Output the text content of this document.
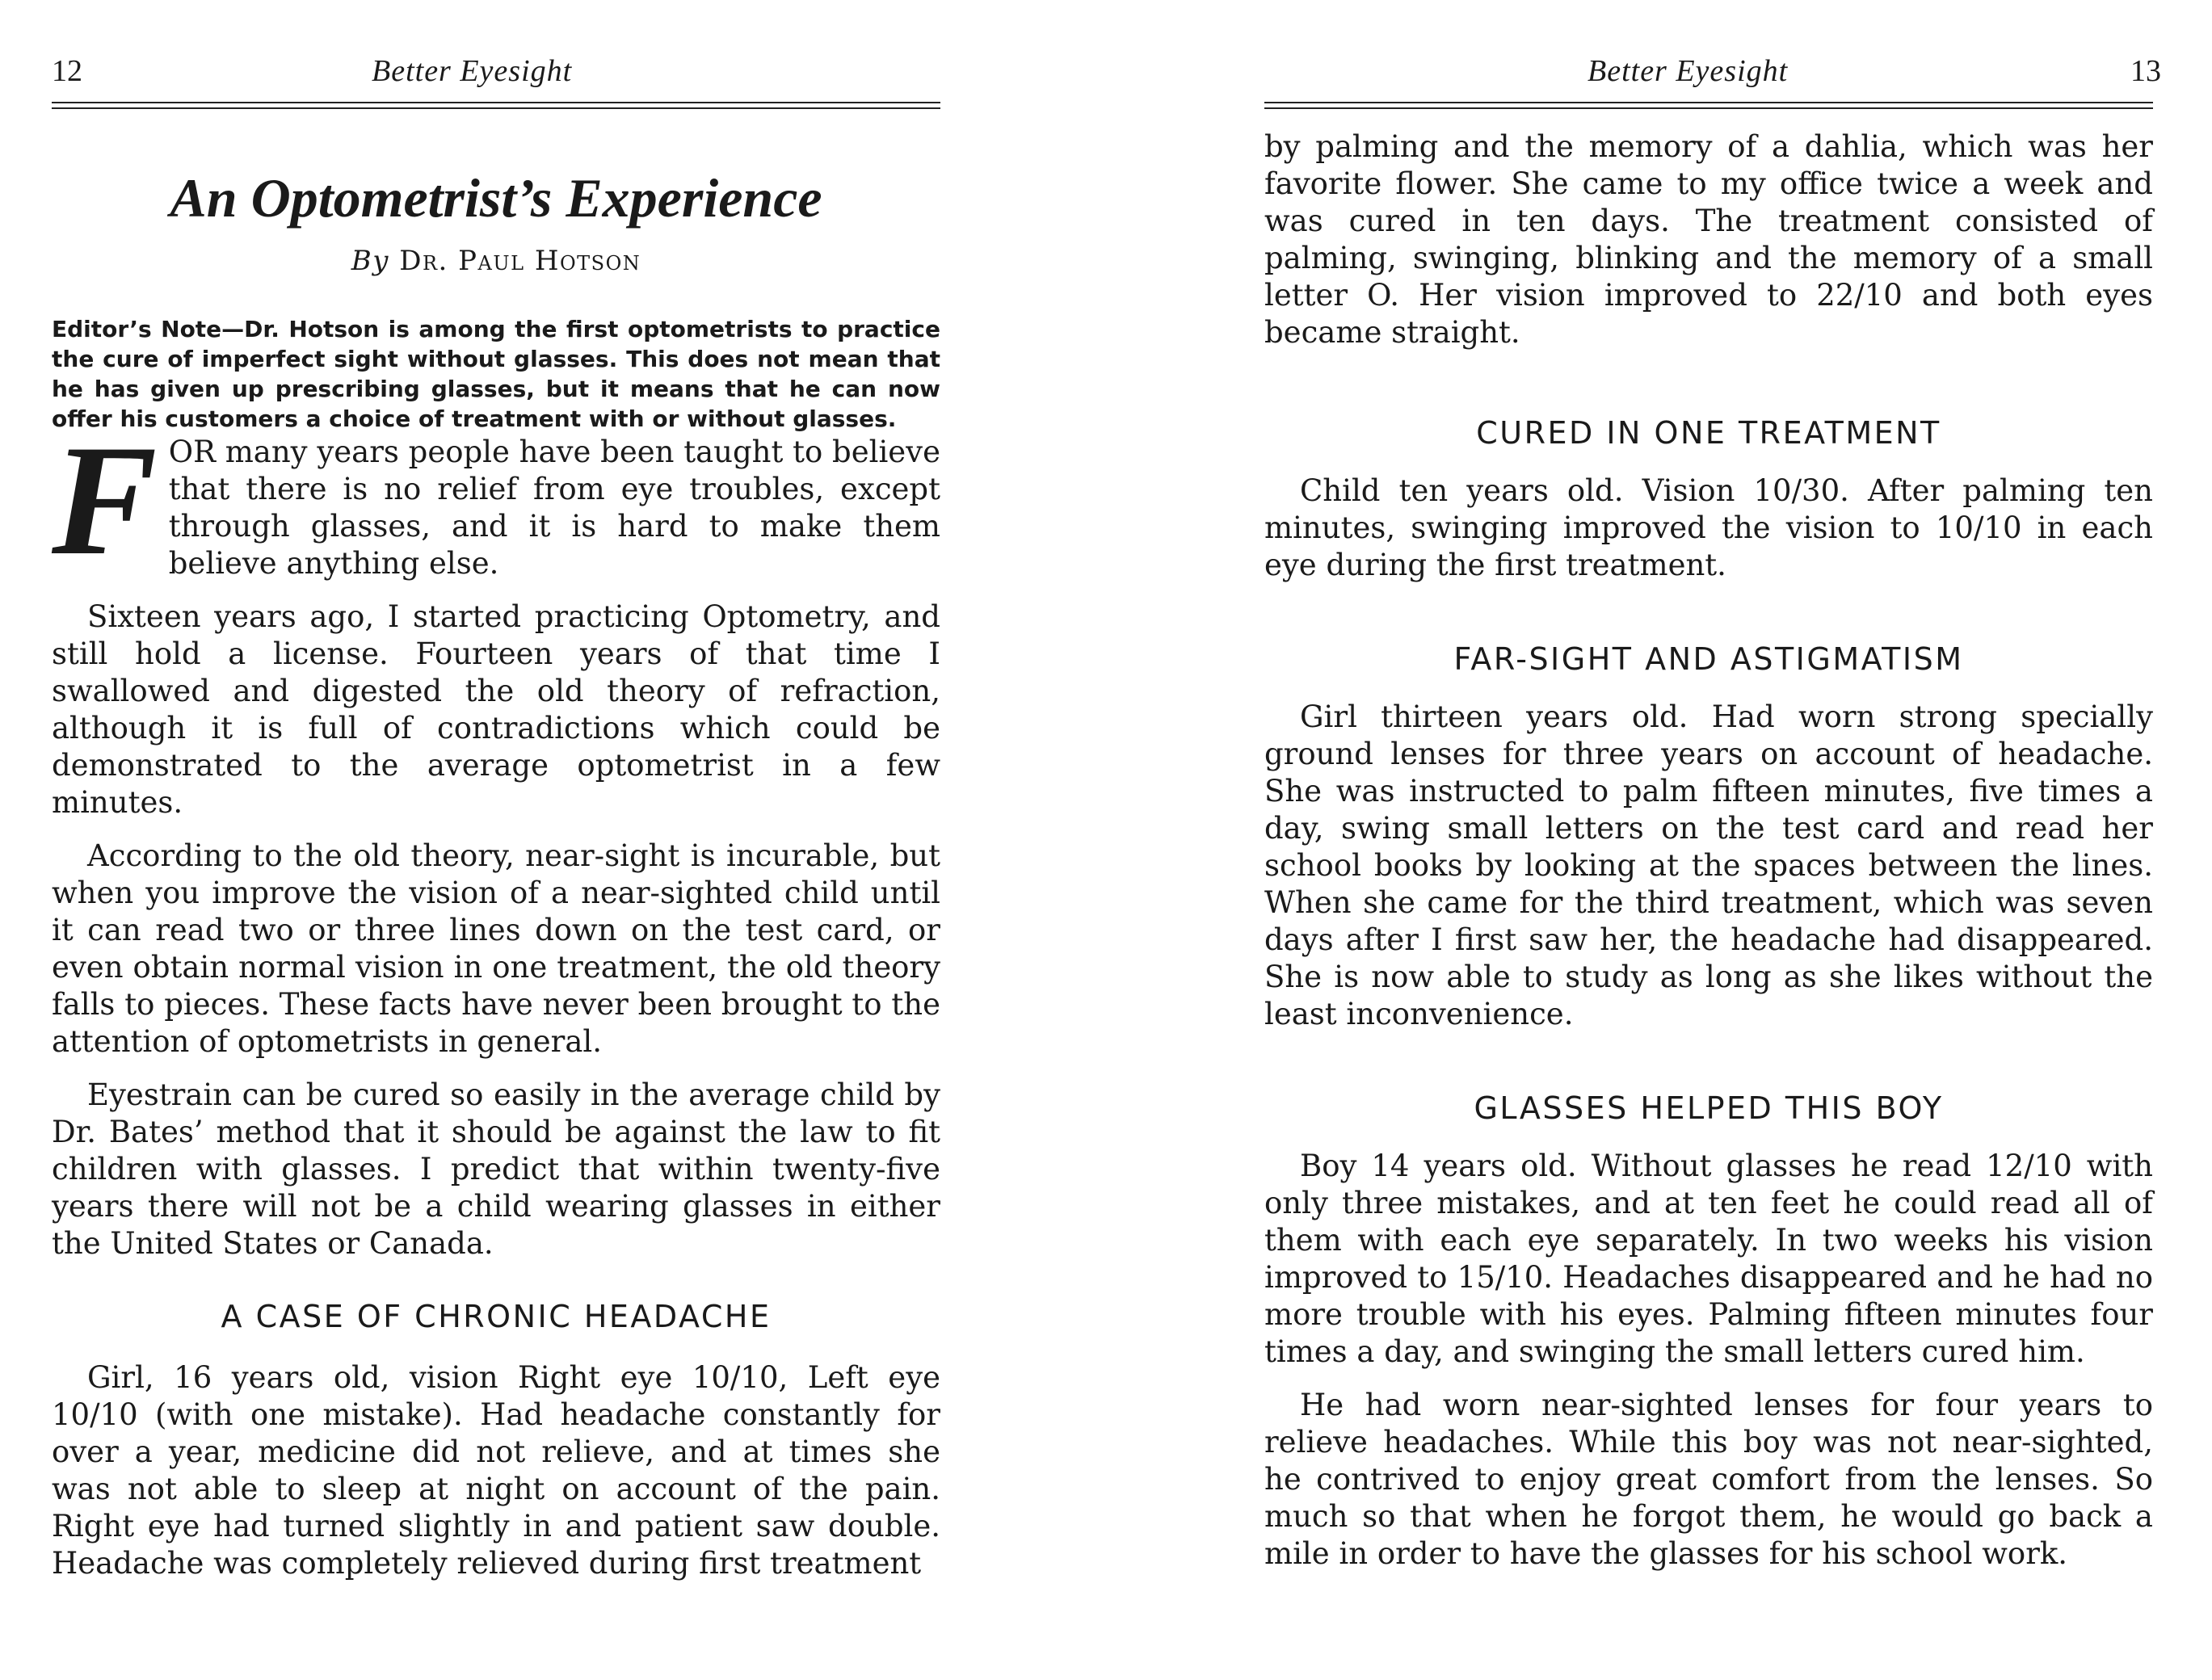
12	Better Eyesight
An Optometrist’s Experience
By Dr. Paul Hotson
Editor’s Note—Dr. Hotson is among the first optometrists to practice the cure of imperfect sight without glasses. This does not mean that he has given up prescribing glasses, but it means that he can now offer his customers a choice of treatment with or without glasses.

FOR many years people have been taught to believe that there is no relief from eye troubles, except through glasses, and it is hard to make them believe anything else.

Sixteen years ago, I started practicing Optometry, and still hold a license. Fourteen years of that time I swallowed and digested the old theory of refraction, although it is full of contradictions which could be demonstrated to the average optometrist in a few minutes.

According to the old theory, near-sight is incurable, but when you improve the vision of a near-sighted child until it can read two or three lines down on the test card, or even obtain normal vision in one treatment, the old theory falls to pieces. These facts have never been brought to the attention of optometrists in general.

Eyestrain can be cured so easily in the average child by Dr. Bates’ method that it should be against the law to fit children with glasses. I predict that within twenty-five years there will not be a child wearing glasses in either the United States or Canada.

A CASE OF CHRONIC HEADACHE

Girl, 16 years old, vision Right eye 10/10, Left eye 10/10 (with one mistake). Had headache constantly for over a year, medicine did not relieve, and at times she was not able to sleep at night on account of the pain. Right eye had turned slightly in and patient saw double. Headache was completely relieved during first treatment

Better Eyesight	13

by palming and the memory of a dahlia, which was her favorite flower. She came to my office twice a week and was cured in ten days. The treatment consisted of palming, swinging, blinking and the memory of a small letter O. Her vision improved to 22/10 and both eyes became straight.

CURED IN ONE TREATMENT

Child ten years old. Vision 10/30. After palming ten minutes, swinging improved the vision to 10/10 in each eye during the first treatment.

FAR-SIGHT AND ASTIGMATISM

Girl thirteen years old. Had worn strong specially ground lenses for three years on account of headache. She was instructed to palm fifteen minutes, five times a day, swing small letters on the test card and read her school books by looking at the spaces between the lines. When she came for the third treatment, which was seven days after I first saw her, the headache had disappeared. She is now able to study as long as she likes without the least inconvenience.

GLASSES HELPED THIS BOY

Boy 14 years old. Without glasses he read 12/10 with only three mistakes, and at ten feet he could read all of them with each eye separately. In two weeks his vision improved to 15/10. Headaches disappeared and he had no more trouble with his eyes. Palming fifteen minutes four times a day, and swinging the small letters cured him.

He had worn near-sighted lenses for four years to relieve headaches. While this boy was not near-sighted, he contrived to enjoy great comfort from the lenses. So much so that when he forgot them, he would go back a mile in order to have the glasses for his school work.
